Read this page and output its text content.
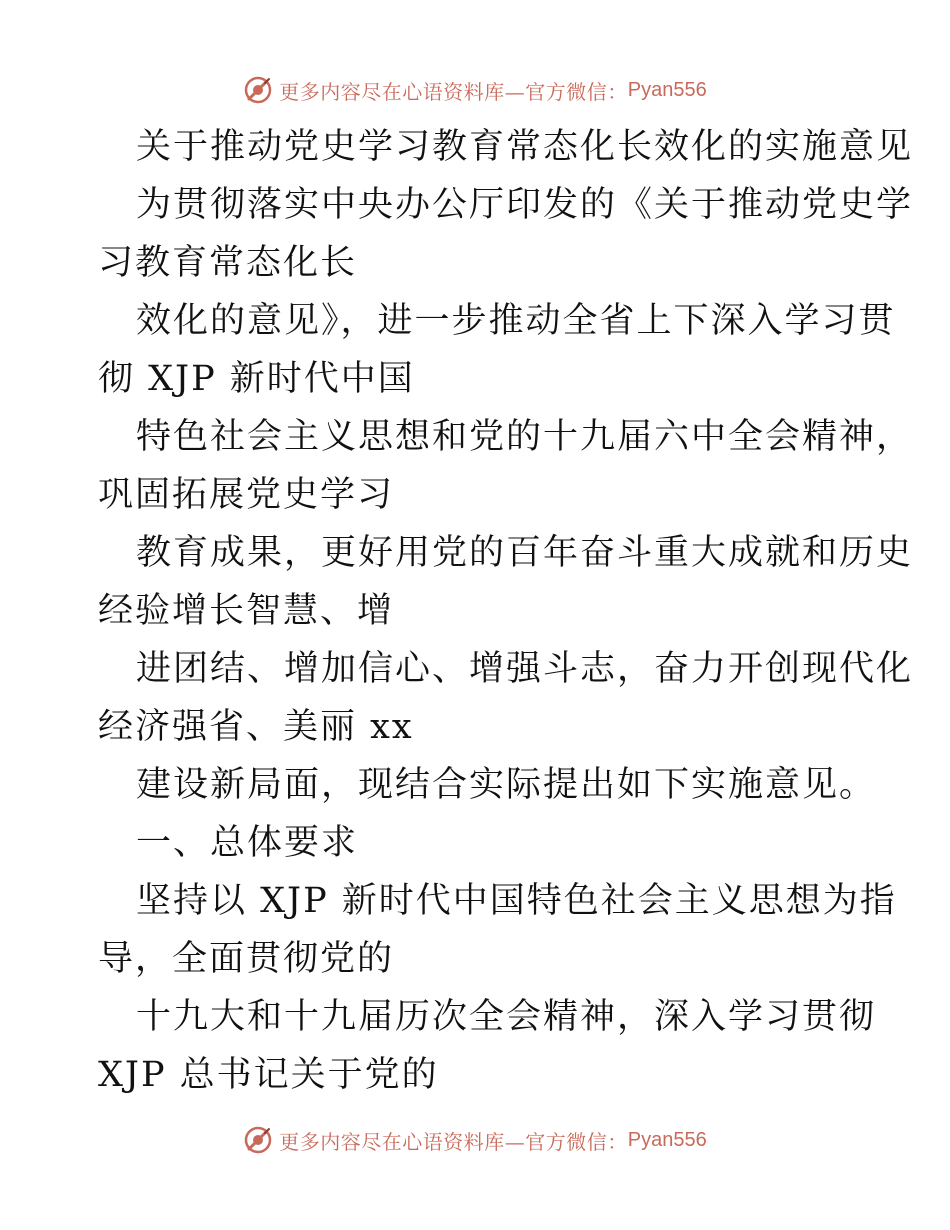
更多内容尽在心语资料库—官方微信： Pyan556
关于推动党史学习教育常态化长效化的实施意见
为贯彻落实中央办公厅印发的《关于推动党史学
习教育常态化长
效化的意见》，进一步推动全省上下深入学习贯
彻 XJP 新时代中国
特色社会主义思想和党的十九届六中全会精神，
巩固拓展党史学习
教育成果，更好用党的百年奋斗重大成就和历史
经验增长智慧、增
进团结、增加信心、增强斗志，奋力开创现代化
经济强省、美丽 xx
建设新局面，现结合实际提出如下实施意见。
一、总体要求
坚持以 XJP 新时代中国特色社会主义思想为指
导，全面贯彻党的
十九大和十九届历次全会精神，深入学习贯彻
XJP 总书记关于党的
更多内容尽在心语资料库—官方微信： Pyan556
